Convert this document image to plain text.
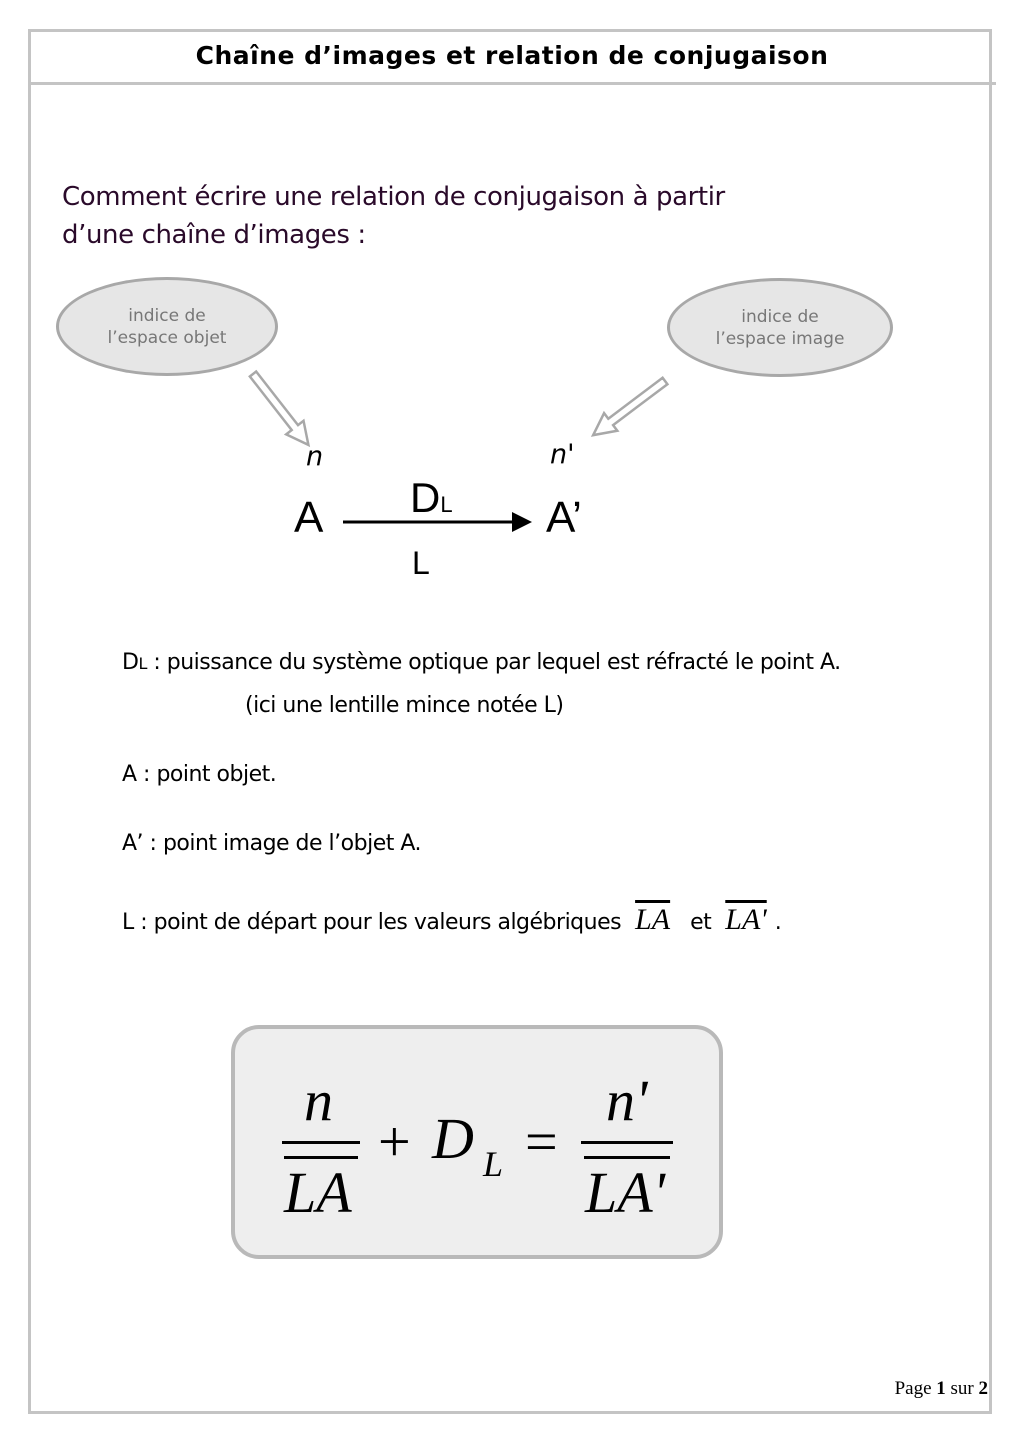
Chaîne d’images et relation de conjugaison
Comment écrire une relation de conjugaison à partir
d’une chaîne d’images :
indice de
l’espace objet
indice de
l’espace image
n	n'
A	A’
DL
L
DL : puissance du système optique par lequel est réfracté le point A.
(ici une lentille mince notée L)
A : point objet.
A’ : point image de l’objet A.
L : point de départ pour les valeurs algébriques $\overline{LA}$ et LA' .
n
LA
+ D L =
n'
LA'
Page 1 sur 2
